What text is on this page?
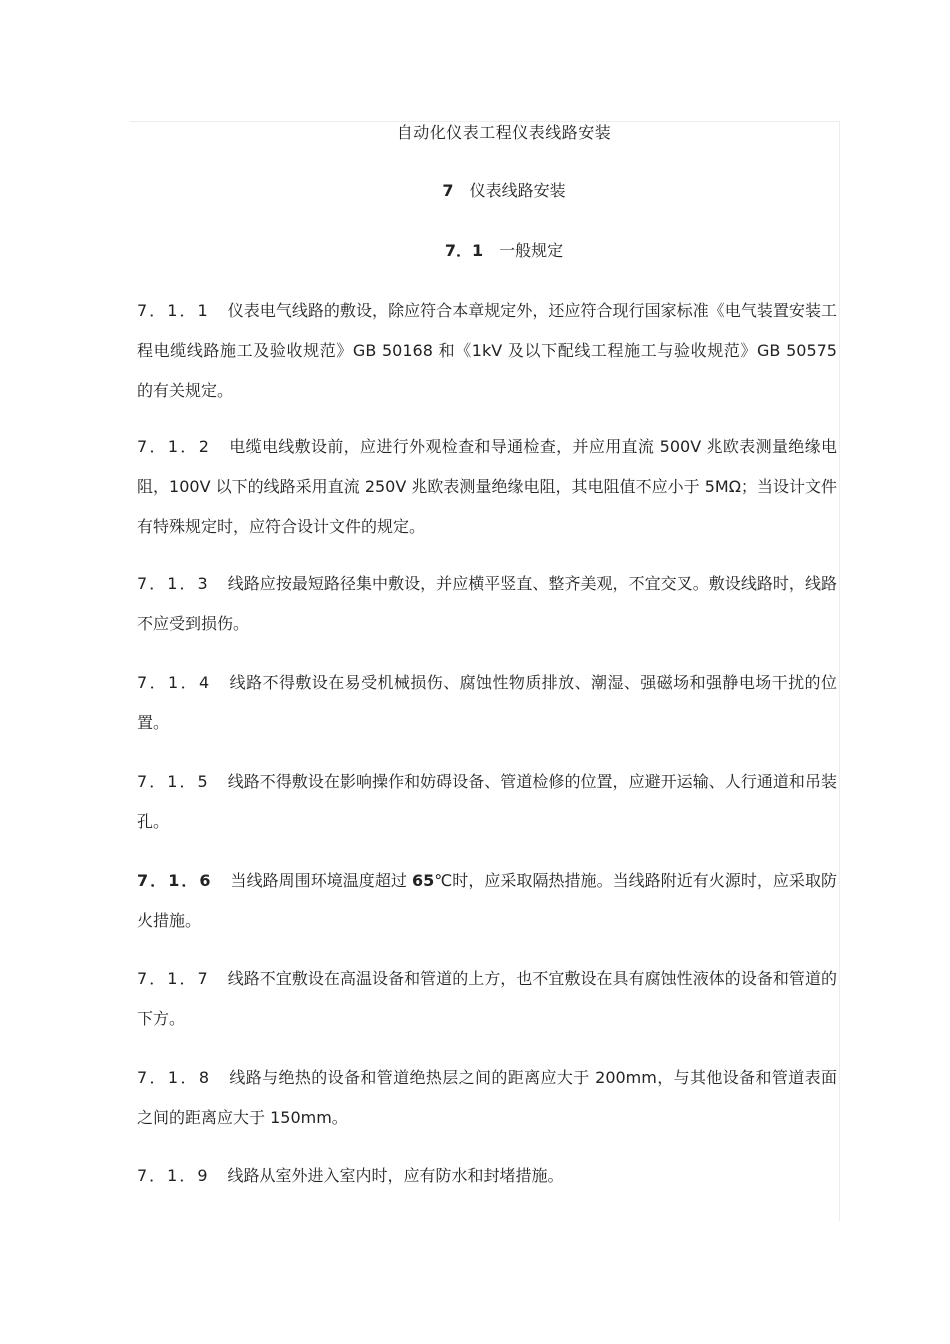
自动化仪表工程仪表线路安装
7 仪表线路安装
7．1 一般规定
7．1．1 仪表电气线路的敷设，除应符合本章规定外，还应符合现行国家标准《电气装置安装工程电缆线路施工及验收规范》GB 50168 和《1kV 及以下配线工程施工与验收规范》GB 50575 的有关规定。
7．1．2 电缆电线敷设前，应进行外观检查和导通检查，并应用直流 500V 兆欧表测量绝缘电阻，100V 以下的线路采用直流 250V 兆欧表测量绝缘电阻，其电阻值不应小于 5MΩ；当设计文件有特殊规定时，应符合设计文件的规定。
7．1．3 线路应按最短路径集中敷设，并应横平竖直、整齐美观，不宜交叉。敷设线路时，线路不应受到损伤。
7．1．4 线路不得敷设在易受机械损伤、腐蚀性物质排放、潮湿、强磁场和强静电场干扰的位置。
7．1．5 线路不得敷设在影响操作和妨碍设备、管道检修的位置，应避开运输、人行通道和吊装孔。
7．1．6 当线路周围环境温度超过 65℃时，应采取隔热措施。当线路附近有火源时，应采取防火措施。
7．1．7 线路不宜敷设在高温设备和管道的上方，也不宜敷设在具有腐蚀性液体的设备和管道的下方。
7．1．8 线路与绝热的设备和管道绝热层之间的距离应大于 200mm，与其他设备和管道表面之间的距离应大于 150mm。
7．1．9 线路从室外进入室内时，应有防水和封堵措施。
